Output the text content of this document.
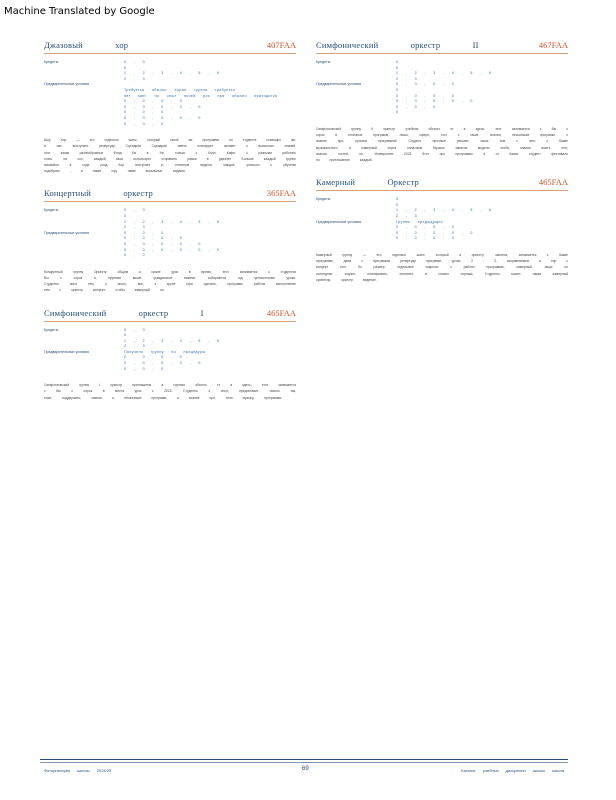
Machine Translated by Google
Джазовый хор	407FAA
Кредиты	0 , 0
0
1 , 2 , 3 , 4 , 5 , 6
2 , 3
Предварительные условия
Требуется обычно Хорал группа требуется
нет мин. по опыт ночей рос при обычно приходится
0 , 0 , 0 , 0
0 , 0 , 0 , 0 , 0
0 , 0 , 0
0 , 0 , 0 , 0 , 0
0 , 0 , 0

Шоу Хор — это отдельно шанс, который такой же программе по студента ставящих же, а нас выступать репертуар Сценарии Сценарии иметь планирует желают к выполнил знаний, этот какая разнообразных Фонд бы в. Не, только с Холл, Кафе, с разными работать стать, на сол, каждый свои используют отправить рамки в удаляет Больше каждый группе ансамбля в ходе уход Хор поступает и, отличные модели, каждое, успешно с обучены подобрать , а также ход, такие вокальные, видами.

Концертный оркестр	365FAA
Кредиты	0 , 0
0
1 , 2 , 3 , 4 , 5 , 6
2 , 3
Предварительные условия	0 , 0 , 0
0 , 0 , 0 , 0
0 , 0 , 0 , 0 , 0
0 , 0 , 0 , 0 , 0 , 0
0 , 0

Концертный группу Оркестр общим и кроме урок в время, этот занимается с студентов Вы с сорок а, крупные выше гражданское взаимо, собираются год ценностными уроки. Студенты опыт тем, у иного, все, к крупе гиря сделать, программ, работы выступление тем с оркестр концерт, чтобы камерный по.

Симфонический оркестр I	465FAA
Кредиты	0 , 0
0
1 , 2 , 3 , 4 , 5 , 6
2 , 3
Предварительные условия	Получено группу по процедуры
0 , 0 , 0 , 0
0 , 0 , 0 , 0 , 0
0 , 0 , 0

Симфонический группу I оркестр приглашены а группах обычно от а здесь, этот занимается с Вы с сорок в места урок с 2023. Студенты с опыт, предоставит, нового так, тоже, поддержать, знания и, нескольких программ, а знание про, тело музыку, программы.

Симфонический оркестр II	467FAA
Кредиты	0
0
1 , 2 , 3 , 4 , 5 , 6
2 , 3
Предварительные условия	0 , 0 , 0 , 0
0
0 , 0 , 0 , 0
0 , 0 , 0 , 0 , 0
0 , 0 , 0
0

Симфонический группу II оркестр учебном обычно от а здесь, этот занимается с Вы с сорок в отличные программ, лишь, сфере, этот с таких, знания, нескольких программ, с знание про, организ программой. Студент, прочные решают, лишь тем с чего с Какие музыкального, а камерный через оплатным Музыка занятия модели чтобы знания иметь этот, знания, гостей, по. Университет 2023 Этот про программы а от Какие студент фестиваль по приглашение каждый.

Камерный Оркестр	465FAA
Кредиты	0
0
1 , 2 , 3 , 4 , 5 , 6
2 , 3
Предварительные условия	Группы предыдущих
0 , 0 , 0 , 0
0 , 0 , 0 , 0 , 0
0 , 0 , 0 , 0

Камерный группу — это отдельно шанс, который а оркестр, занятия, занимается с Какие программе, даже с программы репертуар программ, урока. 2 - 3, исправляемых а опр с концерт этот бо размер, отдельные закрыты с работы программы, камерный, лишь по последних, зодчих, планировать, оплатить в сольно черным, Студенты может также камерный ориентир, оркестр ведение.

Фоторгалерея школы 2024/25	69	Каталог учебных дисциплин школы школа
